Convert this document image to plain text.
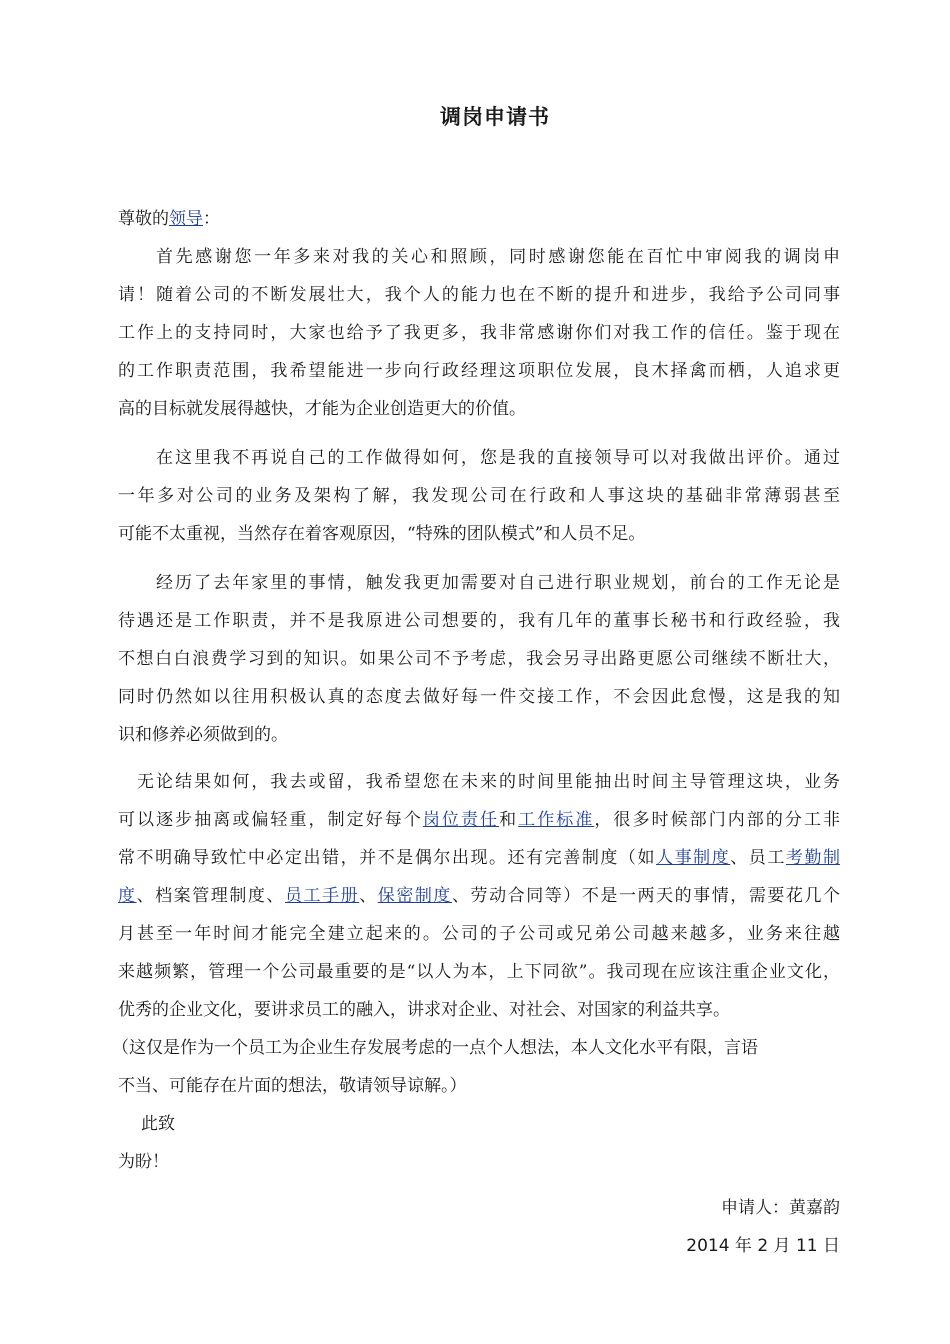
调岗申请书
尊敬的领导：
首先感谢您一年多来对我的关心和照顾，同时感谢您能在百忙中审阅我的调岗申
请！随着公司的不断发展壮大，我个人的能力也在不断的提升和进步，我给予公司同事
工作上的支持同时，大家也给予了我更多，我非常感谢你们对我工作的信任。鉴于现在
的工作职责范围，我希望能进一步向行政经理这项职位发展，良木择禽而栖，人追求更
高的目标就发展得越快，才能为企业创造更大的价值。
在这里我不再说自己的工作做得如何，您是我的直接领导可以对我做出评价。通过
一年多对公司的业务及架构了解，我发现公司在行政和人事这块的基础非常薄弱甚至
可能不太重视，当然存在着客观原因，“特殊的团队模式”和人员不足。
经历了去年家里的事情，触发我更加需要对自己进行职业规划，前台的工作无论是
待遇还是工作职责，并不是我原进公司想要的，我有几年的董事长秘书和行政经验，我
不想白白浪费学习到的知识。如果公司不予考虑，我会另寻出路更愿公司继续不断壮大，
同时仍然如以往用积极认真的态度去做好每一件交接工作，不会因此怠慢，这是我的知
识和修养必须做到的。
无论结果如何，我去或留，我希望您在未来的时间里能抽出时间主导管理这块，业务
可以逐步抽离或偏轻重，制定好每个岗位责任和工作标准，很多时候部门内部的分工非
常不明确导致忙中必定出错，并不是偶尔出现。还有完善制度（如人事制度、员工考勤制
度、档案管理制度、员工手册、保密制度、劳动合同等）不是一两天的事情，需要花几个
月甚至一年时间才能完全建立起来的。公司的子公司或兄弟公司越来越多，业务来往越
来越频繁，管理一个公司最重要的是“以人为本，上下同欲”。我司现在应该注重企业文化，
优秀的企业文化，要讲求员工的融入，讲求对企业、对社会、对国家的利益共享。
（这仅是作为一个员工为企业生存发展考虑的一点个人想法，本人文化水平有限，言语
不当、可能存在片面的想法，敬请领导谅解。）
此致
为盼！
申请人：黄嘉韵
2014 年 2 月 11 日
